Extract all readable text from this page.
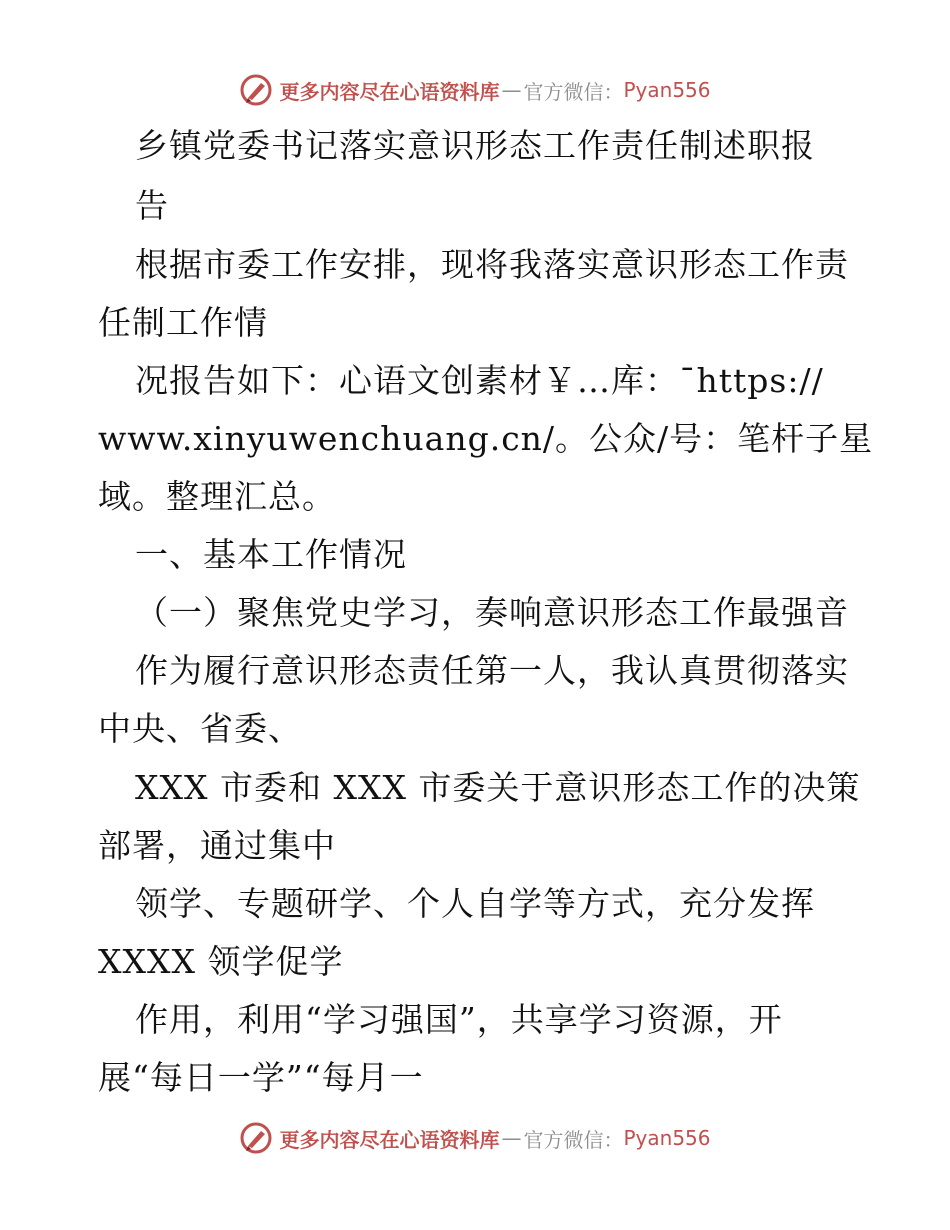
更多内容尽在心语资料库 — 官方微信： Pyan556
乡镇党委书记落实意识形态工作责任制述职报
告
根据市委工作安排，现将我落实意识形态工作责
任制工作情
况报告如下：心语文创素材￥…库：¯https://
www.xinyuwenchuang.cn/。公众/号：笔杆子星
域。整理汇总。
一、基本工作情况
（一）聚焦党史学习，奏响意识形态工作最强音
作为履行意识形态责任第一人，我认真贯彻落实
中央、省委、
XXX 市委和 XXX 市委关于意识形态工作的决策
部署，通过集中
领学、专题研学、个人自学等方式，充分发挥
XXXX 领学促学
作用，利用“学习强国”，共享学习资源，开
展“每日一学”“每月一
更多内容尽在心语资料库 — 官方微信： Pyan556
